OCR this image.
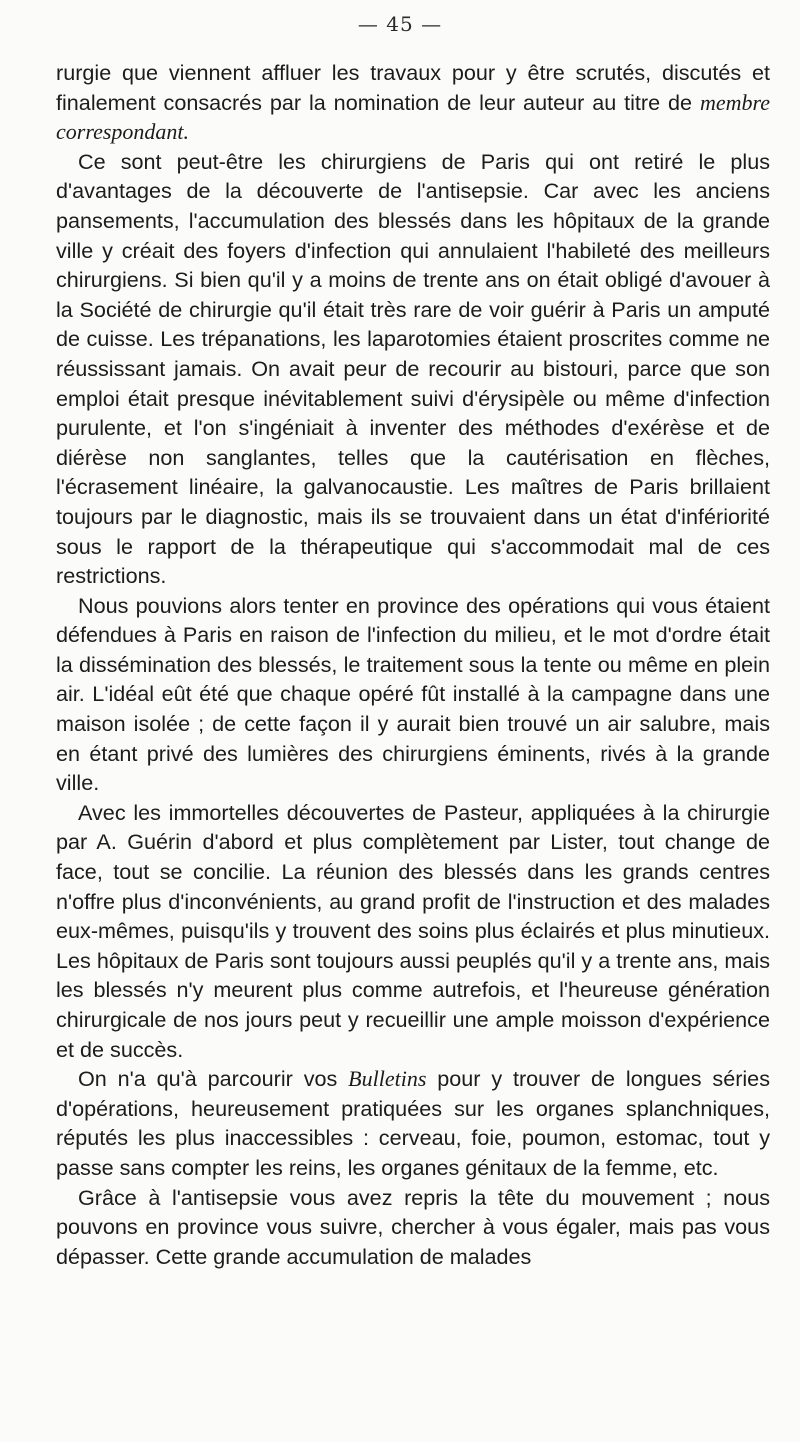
— 45 —

rurgie que viennent affluer les travaux pour y être scrutés, discutés et finalement consacrés par la nomination de leur auteur au titre de membre correspondant.

Ce sont peut-être les chirurgiens de Paris qui ont retiré le plus d'avantages de la découverte de l'antisepsie. Car avec les anciens pansements, l'accumulation des blessés dans les hôpitaux de la grande ville y créait des foyers d'infection qui annulaient l'habileté des meilleurs chirurgiens. Si bien qu'il y a moins de trente ans on était obligé d'avouer à la Société de chirurgie qu'il était très rare de voir guérir à Paris un amputé de cuisse. Les trépanations, les laparotomies étaient proscrites comme ne réussissant jamais. On avait peur de recourir au bistouri, parce que son emploi était presque inévitablement suivi d'érysipèle ou même d'infection purulente, et l'on s'ingéniait à inventer des méthodes d'exérèse et de diérèse non sanglantes, telles que la cautérisation en flèches, l'écrasement linéaire, la galvanocaustie. Les maîtres de Paris brillaient toujours par le diagnostic, mais ils se trouvaient dans un état d'infériorité sous le rapport de la thérapeutique qui s'accommodait mal de ces restrictions.

Nous pouvions alors tenter en province des opérations qui vous étaient défendues à Paris en raison de l'infection du milieu, et le mot d'ordre était la dissémination des blessés, le traitement sous la tente ou même en plein air. L'idéal eût été que chaque opéré fût installé à la campagne dans une maison isolée ; de cette façon il y aurait bien trouvé un air salubre, mais en étant privé des lumières des chirurgiens éminents, rivés à la grande ville.

Avec les immortelles découvertes de Pasteur, appliquées à la chirurgie par A. Guérin d'abord et plus complètement par Lister, tout change de face, tout se concilie. La réunion des blessés dans les grands centres n'offre plus d'inconvénients, au grand profit de l'instruction et des malades eux-mêmes, puisqu'ils y trouvent des soins plus éclairés et plus minutieux. Les hôpitaux de Paris sont toujours aussi peuplés qu'il y a trente ans, mais les blessés n'y meurent plus comme autrefois, et l'heureuse génération chirurgicale de nos jours peut y recueillir une ample moisson d'expérience et de succès.

On n'a qu'à parcourir vos Bulletins pour y trouver de longues séries d'opérations, heureusement pratiquées sur les organes splanchniques, réputés les plus inaccessibles : cerveau, foie, poumon, estomac, tout y passe sans compter les reins, les organes génitaux de la femme, etc.

Grâce à l'antisepsie vous avez repris la tête du mouvement ; nous pouvons en province vous suivre, chercher à vous égaler, mais pas vous dépasser. Cette grande accumulation de malades
